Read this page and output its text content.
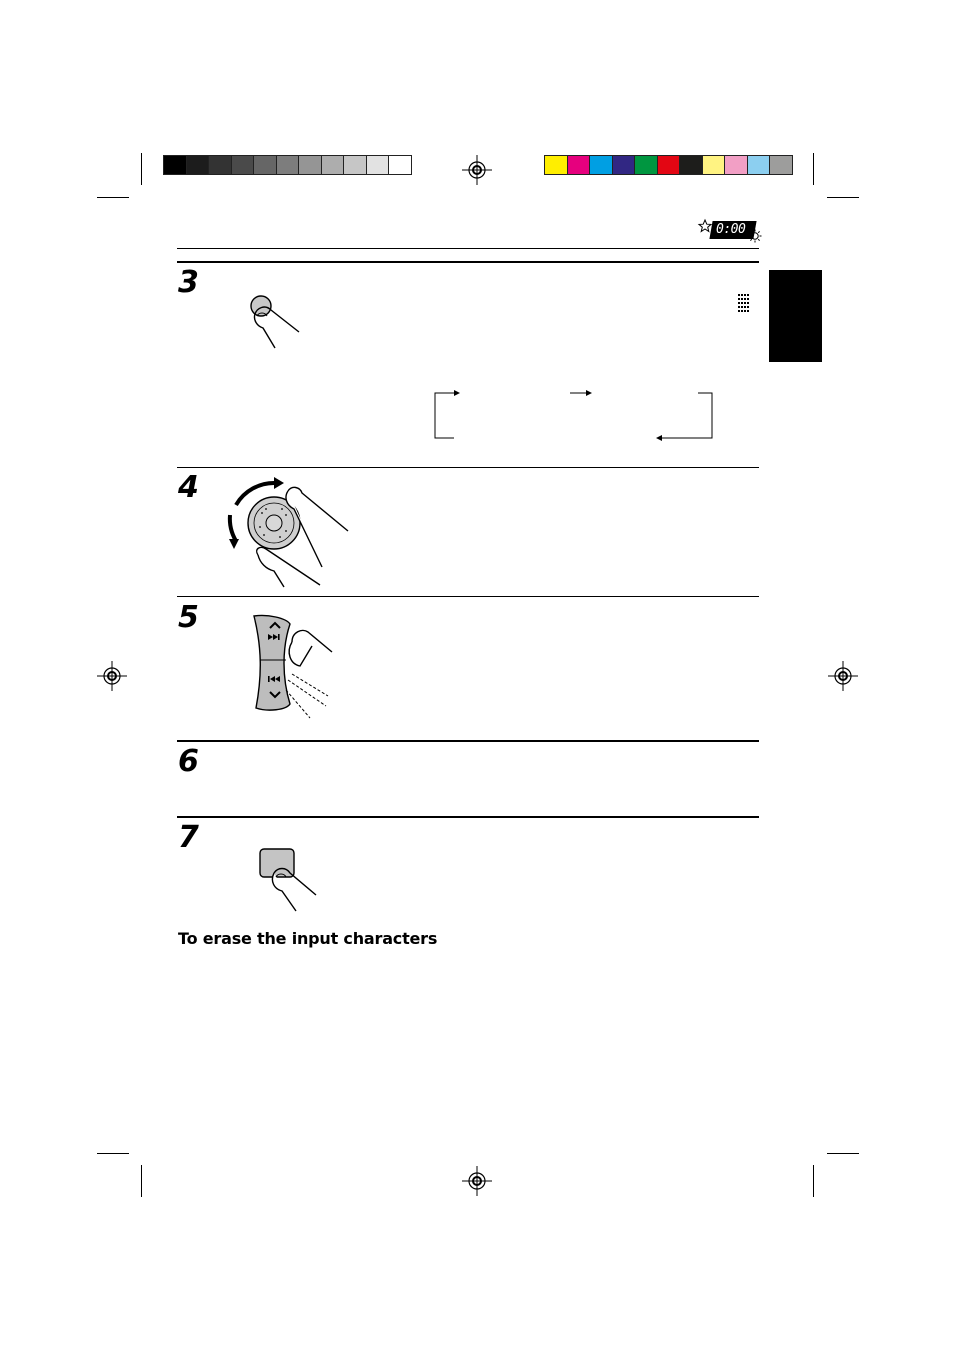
0:00
3
4
5
6
7
To erase the input characters
